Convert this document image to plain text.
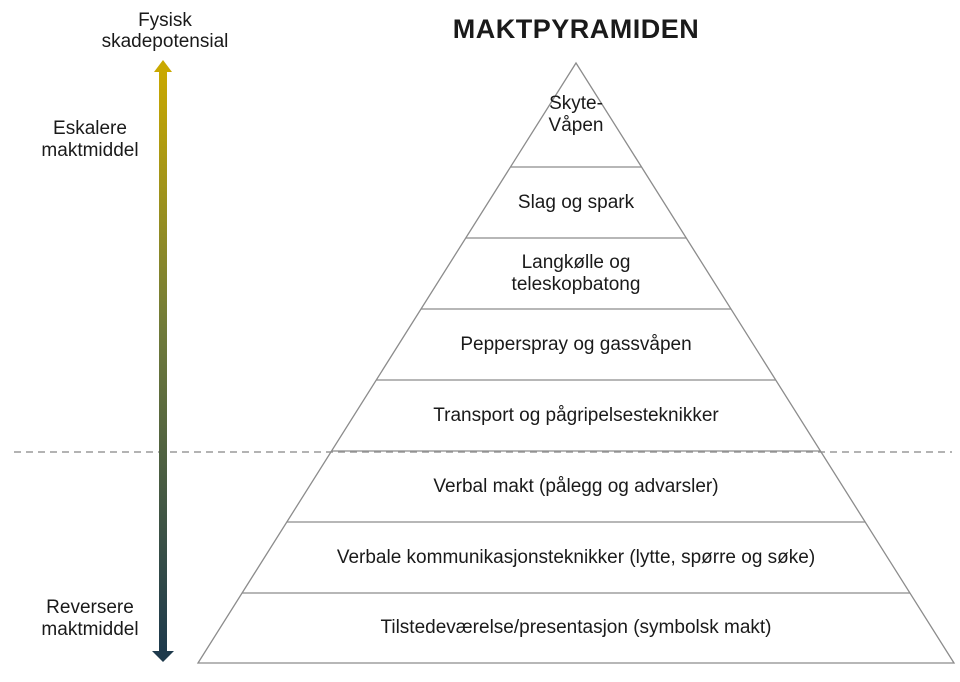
MAKTPYRAMIDEN
Fysisk
skadepotensial
Eskalere
maktmiddel
Reversere
maktmiddel
Skyte-
Våpen
Slag og spark
Langkølle og
teleskopbatong
Pepperspray og gassvåpen
Transport og pågripelsesteknikker
Verbal makt (pålegg og advarsler)
Verbale kommunikasjonsteknikker (lytte, spørre og søke)
Tilstedeværelse/presentasjon (symbolsk makt)
